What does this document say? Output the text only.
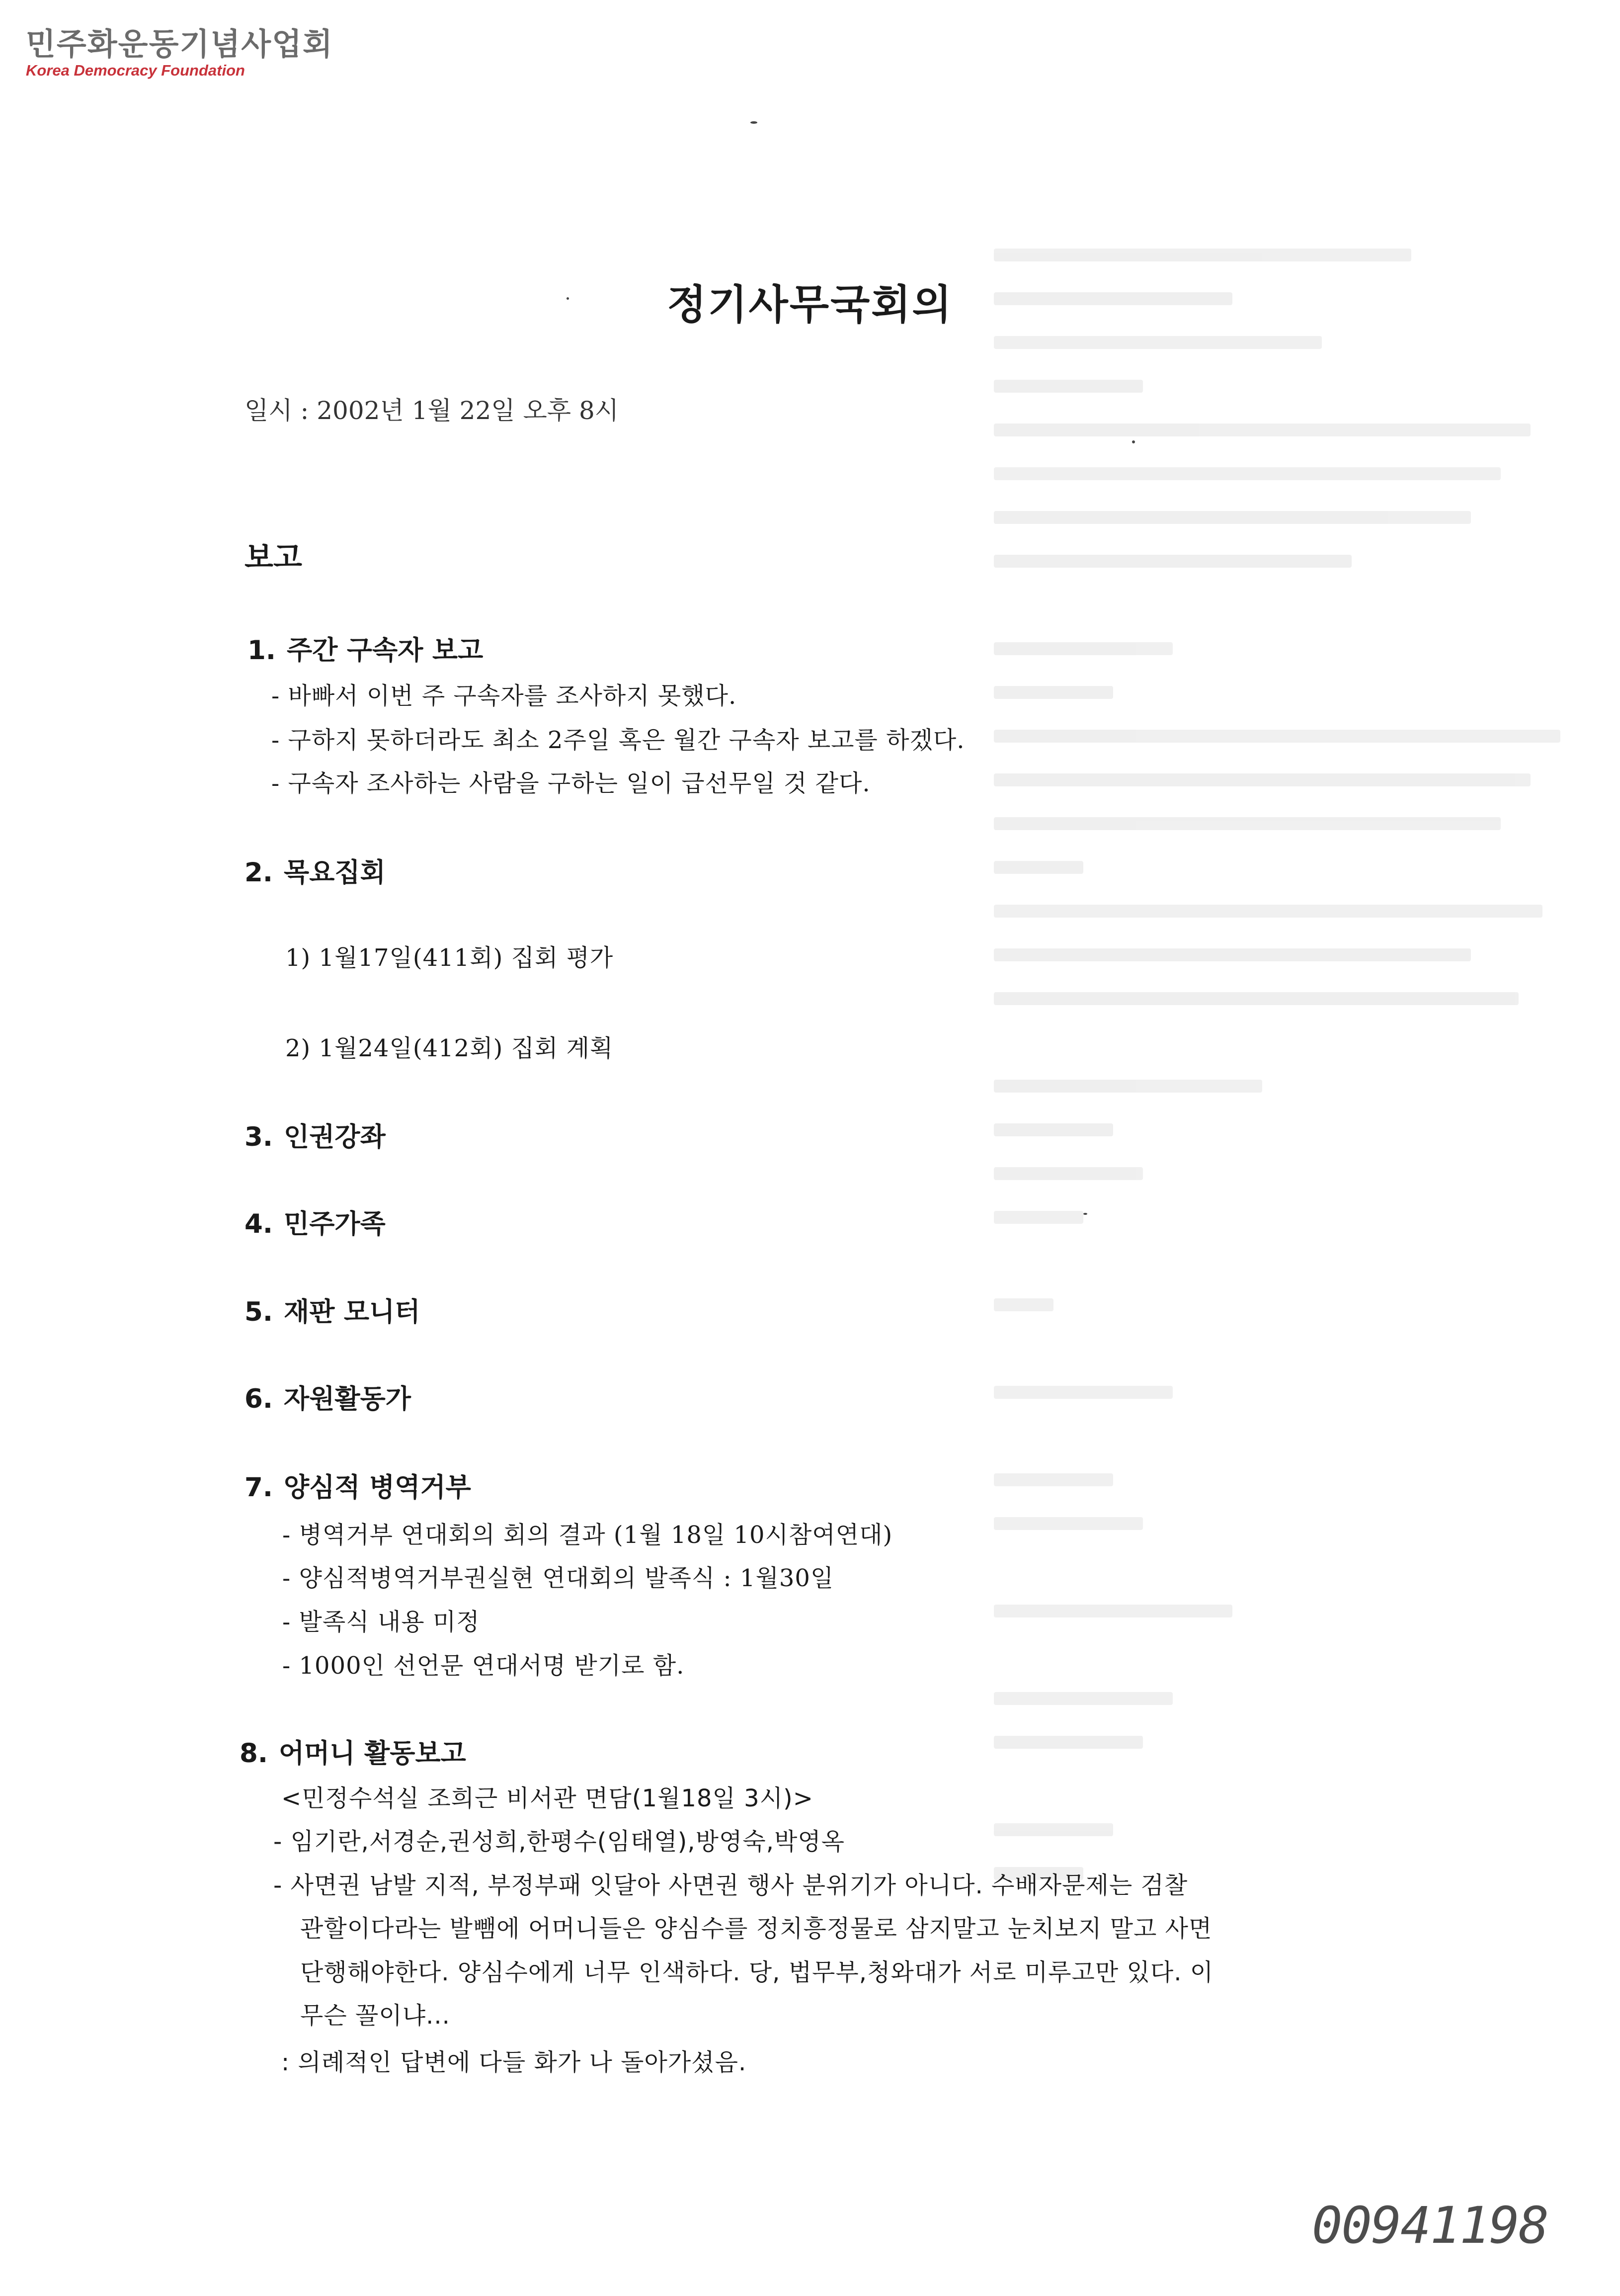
민주화운동기념사업회
Korea Democracy Foundation
정기사무국회의
일시 : 2002년 1월 22일 오후 8시
보고
1. 주간 구속자 보고
- 바빠서 이번 주 구속자를 조사하지 못했다.
- 구하지 못하더라도 최소 2주일 혹은 월간 구속자 보고를 하겠다.
- 구속자 조사하는 사람을 구하는 일이 급선무일 것 같다.
2. 목요집회
1) 1월17일(411회) 집회 평가
2) 1월24일(412회) 집회 계획
3. 인권강좌
4. 민주가족
5. 재판 모니터
6. 자원활동가
7. 양심적 병역거부
- 병역거부 연대회의 회의 결과 (1월 18일 10시참여연대)
- 양심적병역거부권실현 연대회의 발족식 : 1월30일
- 발족식 내용 미정
- 1000인 선언문 연대서명 받기로 함.
8. 어머니 활동보고
<민정수석실 조희근 비서관 면담(1월18일 3시)>
- 임기란,서경순,권성희,한평수(임태열),방영숙,박영옥
- 사면권 남발 지적, 부정부패 잇달아 사면권 행사 분위기가 아니다. 수배자문제는 검찰
관할이다라는 발뺌에 어머니들은 양심수를 정치흥정물로 삼지말고 눈치보지 말고 사면
단행해야한다. 양심수에게 너무 인색하다. 당, 법무부,청와대가 서로 미루고만 있다. 이
무슨 꼴이냐...
: 의례적인 답변에 다들 화가 나 돌아가셨음.
00941198
